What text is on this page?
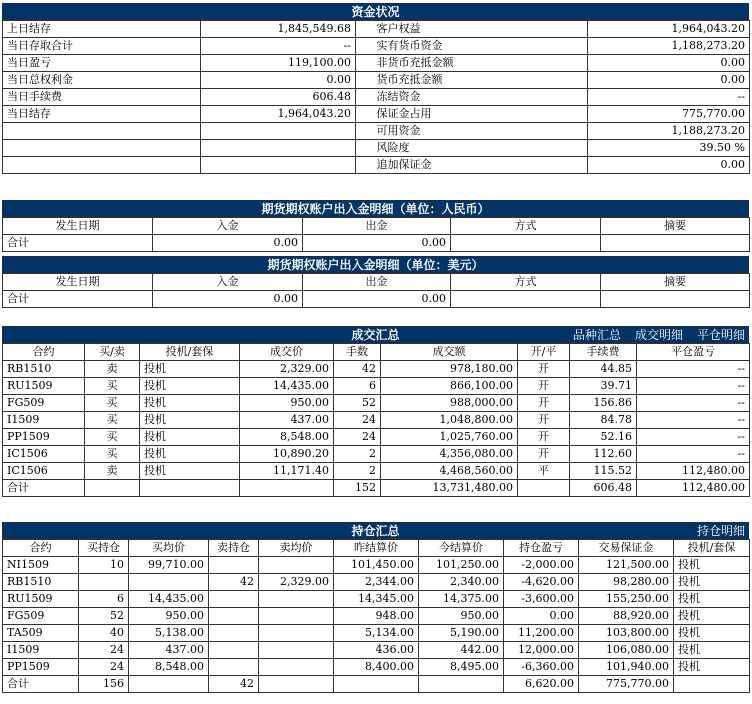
资金状况
上日结存	1,845,549.68		客户权益	1,964,043.20
当日存取合计	--		实有货币资金	1,188,273.20
当日盈亏	119,100.00		非货币充抵金额	0.00
当日总权利金	0.00		货币充抵金额	0.00
当日手续费	606.48		冻结资金	--
当日结存	1,964,043.20		保证金占用	775,770.00
			可用资金	1,188,273.20
			风险度	39.50 %
			追加保证金	0.00
期货期权账户出入金明细（单位：人民币）
发生日期	入金	出金	方式	摘要
合计	0.00	0.00		
期货期权账户出入金明细（单位：美元）
发生日期	入金	出金	方式	摘要
合计	0.00	0.00		
成交汇总	品种汇总 成交明细 平仓明细
合约	买/卖	投机/套保	成交价	手数	成交额	开/平	手续费	平仓盈亏
RB1510	卖	投机	2,329.00	42	978,180.00	开	44.85	--
RU1509	买	投机	14,435.00	6	866,100.00	开	39.71	--
FG509	买	投机	950.00	52	988,000.00	开	156.86	--
I1509	买	投机	437.00	24	1,048,800.00	开	84.78	--
PP1509	买	投机	8,548.00	24	1,025,760.00	开	52.16	--
IC1506	买	投机	10,890.20	2	4,356,080.00	开	112.60	--
IC1506	卖	投机	11,171.40	2	4,468,560.00	平	115.52	112,480.00
合计				152	13,731,480.00		606.48	112,480.00
持仓汇总	持仓明细
合约	买持仓	买均价	卖持仓	卖均价	昨结算价	今结算价	持仓盈亏	交易保证金	投机/套保
NI1509	10	99,710.00			101,450.00	101,250.00	-2,000.00	121,500.00	投机
RB1510			42	2,329.00	2,344.00	2,340.00	-4,620.00	98,280.00	投机
RU1509	6	14,435.00			14,345.00	14,375.00	-3,600.00	155,250.00	投机
FG509	52	950.00			948.00	950.00	0.00	88,920.00	投机
TA509	40	5,138.00			5,134.00	5,190.00	11,200.00	103,800.00	投机
I1509	24	437.00			436.00	442.00	12,000.00	106,080.00	投机
PP1509	24	8,548.00			8,400.00	8,495.00	-6,360.00	101,940.00	投机
合计	156		42				6,620.00	775,770.00	
